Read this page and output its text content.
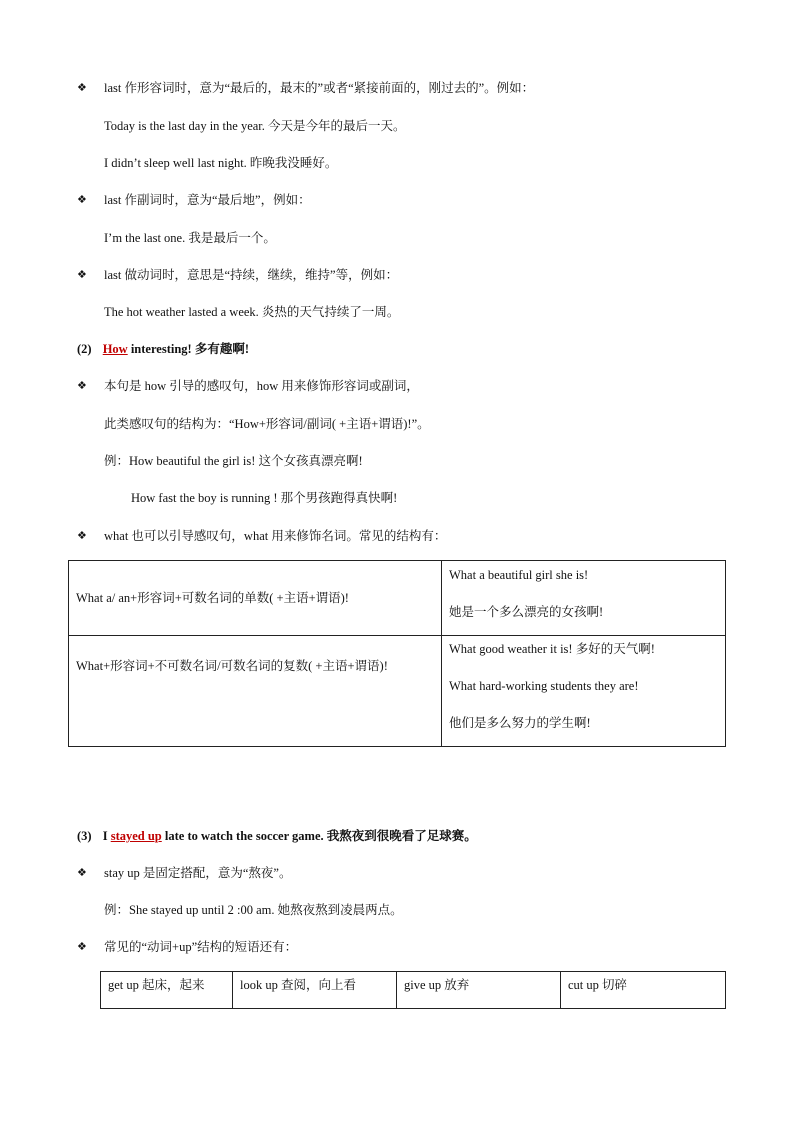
❖ last 作形容词时，意为“最后的，最末的”或者“紧接前面的，刚过去的”。例如：
Today is the last day in the year. 今天是今年的最后一天。
I didn’t sleep well last night. 昨晚我没睡好。
❖ last 作副词时，意为“最后地”，例如：
I’m the last one. 我是最后一个。
❖ last 做动词时，意思是“持续，继续，维持”等，例如：
The hot weather lasted a week. 炎热的天气持续了一周。
(2) How interesting! 多有趣啊!
❖ 本句是 how 引导的感叹句，how 用来修饰形容词或副词，
此类感叹句的结构为：“How+形容词/副词( +主语+谓语)!”。
例：How beautiful the girl is! 这个女孩真漂亮啊!
How fast the boy is running ! 那个男孩跑得真快啊!
❖ what 也可以引导感叹句，what 用来修饰名词。常见的结构有：
What a/ an+形容词+可数名词的单数( +主语+谓语)!	What a beautiful girl she is!
她是一个多么漂亮的女孩啊!

What+形容词+不可数名词/可数名词的复数( +主语+谓语)!	What good weather it is! 多好的天气啊!
What hard-working students they are!
他们是多么努力的学生啊!
(3) I stayed up late to watch the soccer game. 我熬夜到很晚看了足球赛。
❖ stay up 是固定搭配，意为“熬夜”。
例：She stayed up until 2 :00 am. 她熬夜熬到凌晨两点。
❖ 常见的“动词+up”结构的短语还有：
get up 起床，起来	look up 查阅，向上看	give up 放弃	cut up 切碎
